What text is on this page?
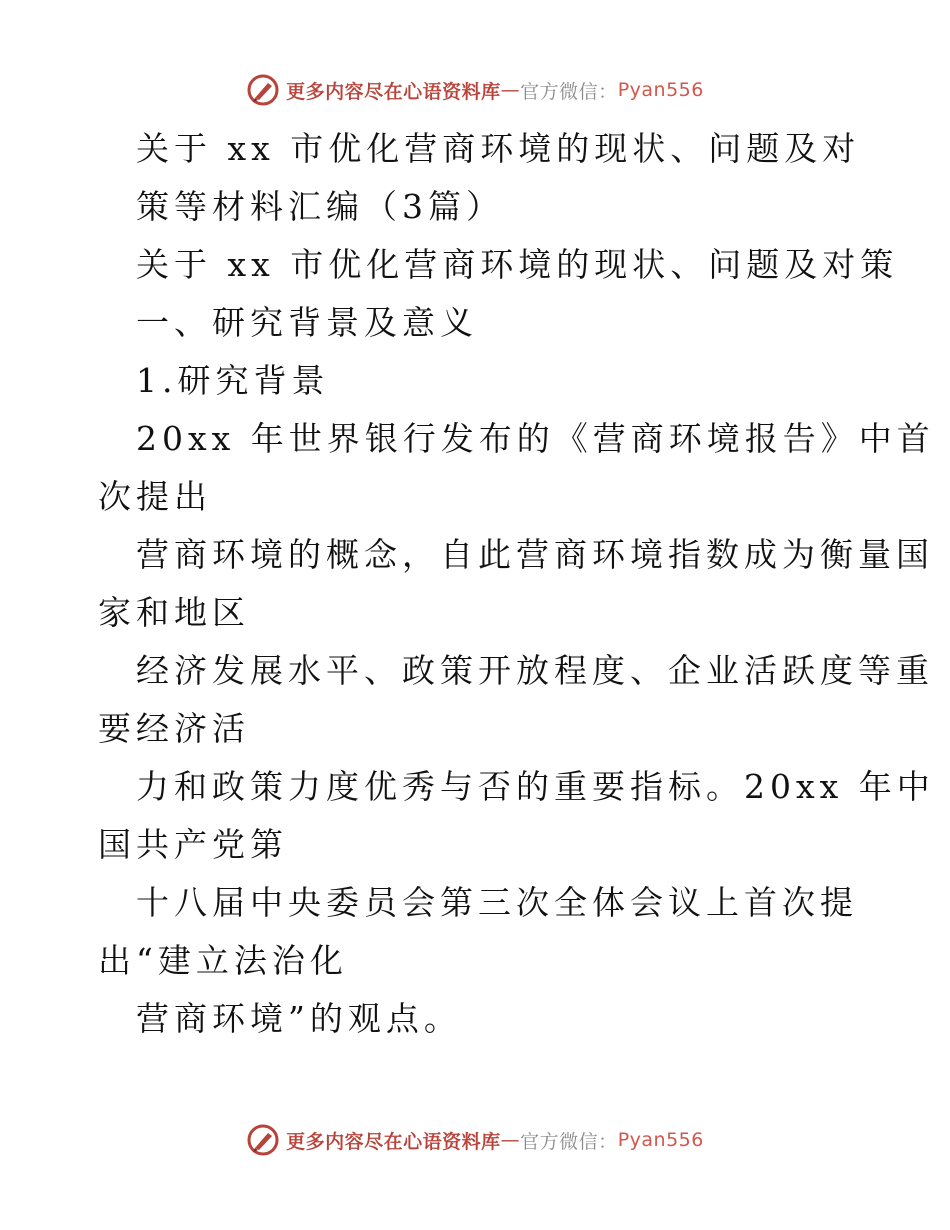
更多内容尽在心语资料库 — 官方微信： Pyan556
关于 xx 市优化营商环境的现状、问题及对
策等材料汇编（3篇）
关于 xx 市优化营商环境的现状、问题及对策
一、研究背景及意义
1.研究背景
20xx 年世界银行发布的《营商环境报告》中首
次提出
营商环境的概念，自此营商环境指数成为衡量国
家和地区
经济发展水平、政策开放程度、企业活跃度等重
要经济活
力和政策力度优秀与否的重要指标。20xx 年中
国共产党第
十八届中央委员会第三次全体会议上首次提
出“建立法治化
营商环境”的观点。
更多内容尽在心语资料库 — 官方微信： Pyan556
